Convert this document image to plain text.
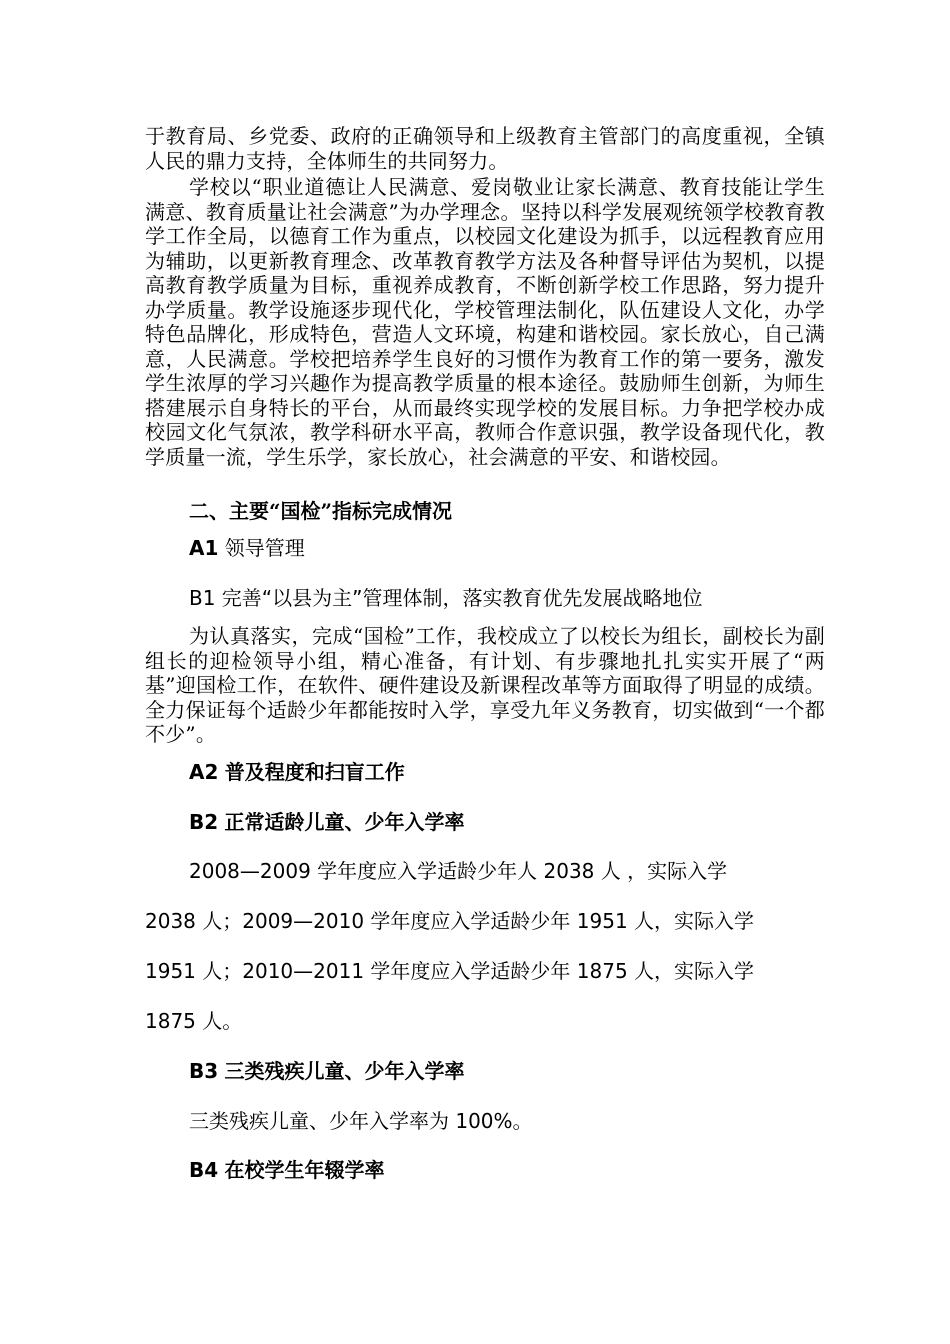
于教育局、乡党委、政府的正确领导和上级教育主管部门的高度重视，全镇人民的鼎力支持，全体师生的共同努力。
学校以“职业道德让人民满意、爱岗敬业让家长满意、教育技能让学生满意、教育质量让社会满意”为办学理念。坚持以科学发展观统领学校教育教学工作全局，以德育工作为重点，以校园文化建设为抓手，以远程教育应用为辅助，以更新教育理念、改革教育教学方法及各种督导评估为契机，以提高教育教学质量为目标，重视养成教育，不断创新学校工作思路，努力提升办学质量。教学设施逐步现代化，学校管理法制化，队伍建设人文化，办学特色品牌化，形成特色，营造人文环境，构建和谐校园。家长放心，自己满意，人民满意。学校把培养学生良好的习惯作为教育工作的第一要务，激发学生浓厚的学习兴趣作为提高教学质量的根本途径。鼓励师生创新，为师生搭建展示自身特长的平台，从而最终实现学校的发展目标。力争把学校办成校园文化气氛浓，教学科研水平高，教师合作意识强，教学设备现代化，教学质量一流，学生乐学，家长放心，社会满意的平安、和谐校园。
二、主要“国检”指标完成情况
A1 领导管理
B1 完善“以县为主”管理体制，落实教育优先发展战略地位
为认真落实，完成“国检”工作，我校成立了以校长为组长，副校长为副组长的迎检领导小组，精心准备，有计划、有步骤地扎扎实实开展了“两基”迎国检工作，在软件、硬件建设及新课程改革等方面取得了明显的成绩。全力保证每个适龄少年都能按时入学，享受九年义务教育，切实做到“一个都不少”。
A2 普及程度和扫盲工作
B2 正常适龄儿童、少年入学率
2008—2009 学年度应入学适龄少年人 2038 人 ，实际入学
2038 人；2009—2010 学年度应入学适龄少年 1951 人，实际入学
1951 人；2010—2011 学年度应入学适龄少年 1875 人，实际入学
1875 人。
B3 三类残疾儿童、少年入学率
三类残疾儿童、少年入学率为 100%。
B4 在校学生年辍学率
